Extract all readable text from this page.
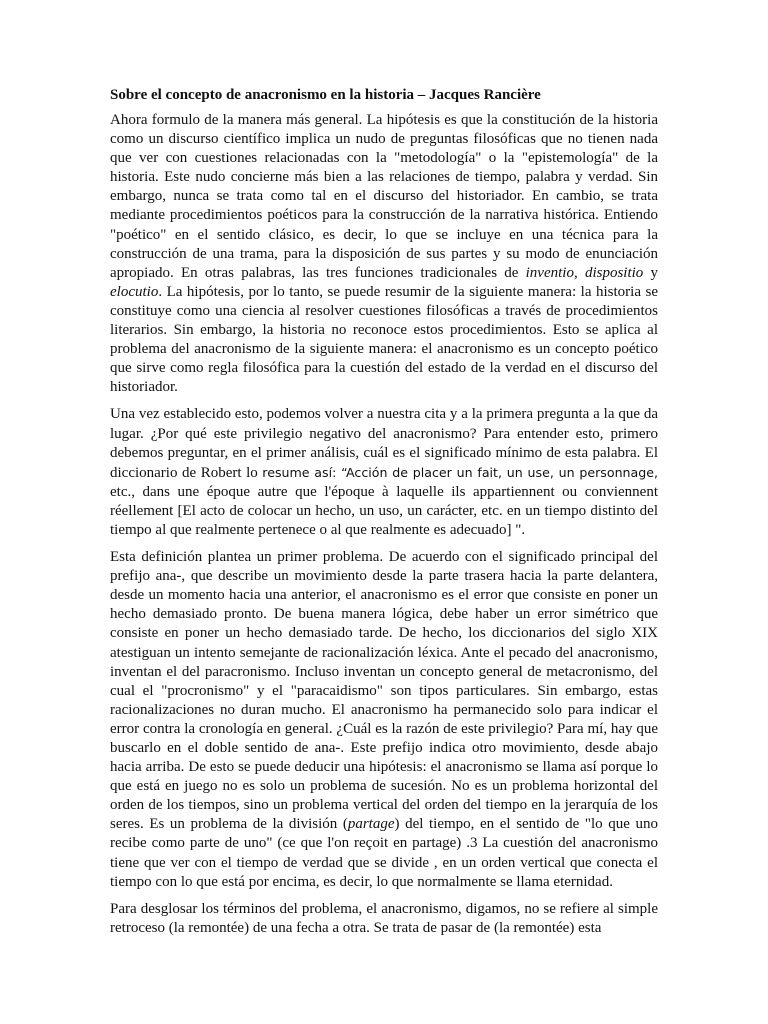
Sobre el concepto de anacronismo en la historia – Jacques Rancière

Ahora formulo de la manera más general. La hipótesis es que la constitución de la historia como un discurso científico implica un nudo de preguntas filosóficas que no tienen nada que ver con cuestiones relacionadas con la "metodología" o la "epistemología" de la historia. Este nudo concierne más bien a las relaciones de tiempo, palabra y verdad. Sin embargo, nunca se trata como tal en el discurso del historiador. En cambio, se trata mediante procedimientos poéticos para la construcción de la narrativa histórica. Entiendo "poético" en el sentido clásico, es decir, lo que se incluye en una técnica para la construcción de una trama, para la disposición de sus partes y su modo de enunciación apropiado. En otras palabras, las tres funciones tradicionales de inventio, dispositio y elocutio. La hipótesis, por lo tanto, se puede resumir de la siguiente manera: la historia se constituye como una ciencia al resolver cuestiones filosóficas a través de procedimientos literarios. Sin embargo, la historia no reconoce estos procedimientos. Esto se aplica al problema del anacronismo de la siguiente manera: el anacronismo es un concepto poético que sirve como regla filosófica para la cuestión del estado de la verdad en el discurso del historiador.

Una vez establecido esto, podemos volver a nuestra cita y a la primera pregunta a la que da lugar. ¿Por qué este privilegio negativo del anacronismo? Para entender esto, primero debemos preguntar, en el primer análisis, cuál es el significado mínimo de esta palabra. El diccionario de Robert lo resume así: “Acción de placer un fait, un use, un personnage, etc., dans une époque autre que l'époque à laquelle ils appartiennent ou conviennent réellement [El acto de colocar un hecho, un uso, un carácter, etc. en un tiempo distinto del tiempo al que realmente pertenece o al que realmente es adecuado] ".

Esta definición plantea un primer problema. De acuerdo con el significado principal del prefijo ana-, que describe un movimiento desde la parte trasera hacia la parte delantera, desde un momento hacia una anterior, el anacronismo es el error que consiste en poner un hecho demasiado pronto. De buena manera lógica, debe haber un error simétrico que consiste en poner un hecho demasiado tarde. De hecho, los diccionarios del siglo XIX atestiguan un intento semejante de racionalización léxica. Ante el pecado del anacronismo, inventan el del paracronismo. Incluso inventan un concepto general de metacronismo, del cual el "procronismo" y el "paracaidismo" son tipos particulares. Sin embargo, estas racionalizaciones no duran mucho. El anacronismo ha permanecido solo para indicar el error contra la cronología en general. ¿Cuál es la razón de este privilegio? Para mí, hay que buscarlo en el doble sentido de ana-. Este prefijo indica otro movimiento, desde abajo hacia arriba. De esto se puede deducir una hipótesis: el anacronismo se llama así porque lo que está en juego no es solo un problema de sucesión. No es un problema horizontal del orden de los tiempos, sino un problema vertical del orden del tiempo en la jerarquía de los seres. Es un problema de la división (partage) del tiempo, en el sentido de "lo que uno recibe como parte de uno" (ce que l'on reçoit en partage) .3 La cuestión del anacronismo tiene que ver con el tiempo de verdad que se divide , en un orden vertical que conecta el tiempo con lo que está por encima, es decir, lo que normalmente se llama eternidad.

Para desglosar los términos del problema, el anacronismo, digamos, no se refiere al simple retroceso (la remontée) de una fecha a otra. Se trata de pasar de (la remontée) esta
